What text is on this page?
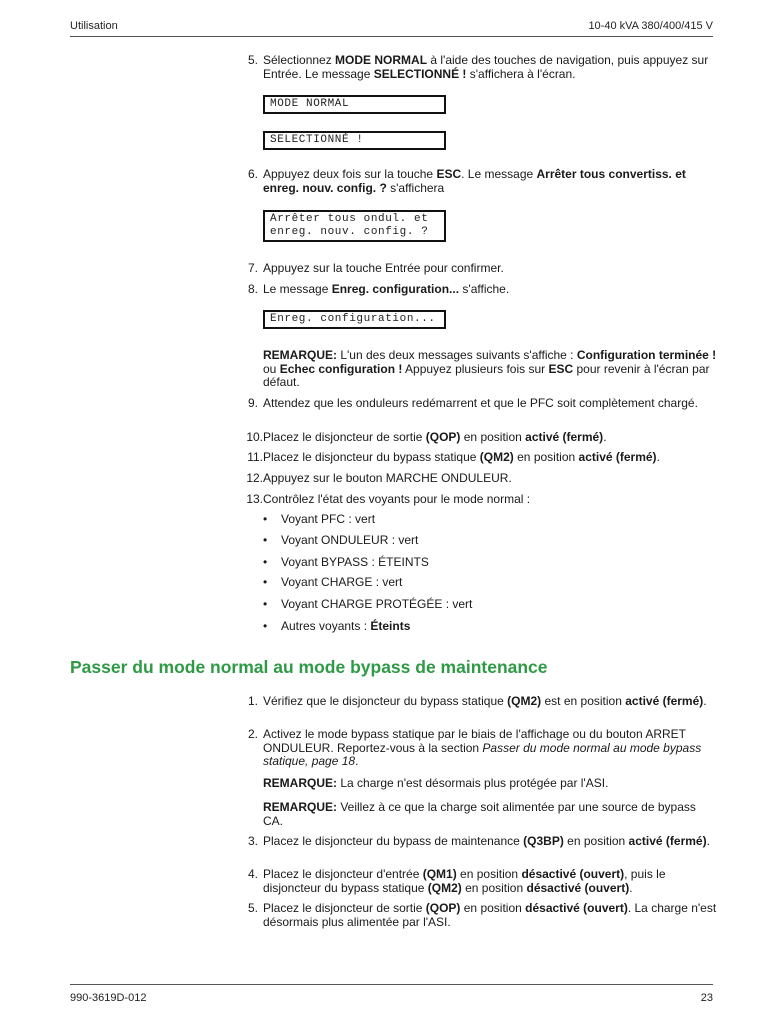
Utilisation	10-40 kVA 380/400/415 V
5. Sélectionnez MODE NORMAL à l'aide des touches de navigation, puis appuyez sur Entrée. Le message SELECTIONNÉ ! s'affichera à l'écran.
MODE NORMAL
SELECTIONNÉ !
6. Appuyez deux fois sur la touche ESC. Le message Arrêter tous convertiss. et enreg. nouv. config. ? s'affichera
Arrêter tous ondul. et
enreg. nouv. config. ?
7. Appuyez sur la touche Entrée pour confirmer.
8. Le message Enreg. configuration... s'affiche.
Enreg. configuration...
REMARQUE: L'un des deux messages suivants s'affiche : Configuration terminée ! ou Echec configuration ! Appuyez plusieurs fois sur ESC pour revenir à l'écran par défaut.
9. Attendez que les onduleurs redémarrent et que le PFC soit complètement chargé.
10. Placez le disjoncteur de sortie (QOP) en position activé (fermé).
11. Placez le disjoncteur du bypass statique (QM2) en position activé (fermé).
12. Appuyez sur le bouton MARCHE ONDULEUR.
13. Contrôlez l'état des voyants pour le mode normal :
• Voyant PFC : vert
• Voyant ONDULEUR : vert
• Voyant BYPASS : ÉTEINTS
• Voyant CHARGE : vert
• Voyant CHARGE PROTÉGÉE : vert
• Autres voyants : Éteints
Passer du mode normal au mode bypass de maintenance
1. Vérifiez que le disjoncteur du bypass statique (QM2) est en position activé (fermé).
2. Activez le mode bypass statique par le biais de l'affichage ou du bouton ARRET ONDULEUR. Reportez-vous à la section Passer du mode normal au mode bypass statique, page 18.
REMARQUE: La charge n'est désormais plus protégée par l'ASI.
REMARQUE: Veillez à ce que la charge soit alimentée par une source de bypass CA.
3. Placez le disjoncteur du bypass de maintenance (Q3BP) en position activé (fermé).
4. Placez le disjoncteur d'entrée (QM1) en position désactivé (ouvert), puis le disjoncteur du bypass statique (QM2) en position désactivé (ouvert).
5. Placez le disjoncteur de sortie (QOP) en position désactivé (ouvert). La charge n'est désormais plus alimentée par l'ASI.
990-3619D-012	23
